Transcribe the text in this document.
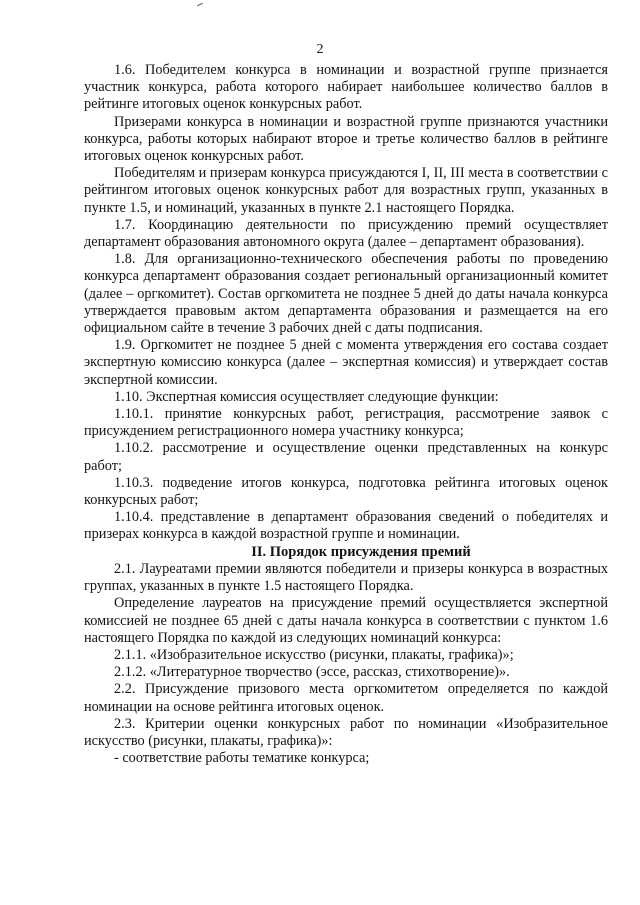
2

1.6. Победителем конкурса в номинации и возрастной группе признается участник конкурса, работа которого набирает наибольшее количество баллов в рейтинге итоговых оценок конкурсных работ.

Призерами конкурса в номинации и возрастной группе признаются участники конкурса, работы которых набирают второе и третье количество баллов в рейтинге итоговых оценок конкурсных работ.

Победителям и призерам конкурса присуждаются I, II, III места в соответствии с рейтингом итоговых оценок конкурсных работ для возрастных групп, указанных в пункте 1.5, и номинаций, указанных в пункте 2.1 настоящего Порядка.

1.7. Координацию деятельности по присуждению премий осуществляет департамент образования автономного округа (далее – департамент образования).

1.8. Для организационно-технического обеспечения работы по проведению конкурса департамент образования создает региональный организационный комитет (далее – оргкомитет). Состав оргкомитета не позднее 5 дней до даты начала конкурса утверждается правовым актом департамента образования и размещается на его официальном сайте в течение 3 рабочих дней с даты подписания.

1.9. Оргкомитет не позднее 5 дней с момента утверждения его состава создает экспертную комиссию конкурса (далее – экспертная комиссия) и утверждает состав экспертной комиссии.

1.10. Экспертная комиссия осуществляет следующие функции:

1.10.1. принятие конкурсных работ, регистрация, рассмотрение заявок с присуждением регистрационного номера участнику конкурса;

1.10.2. рассмотрение и осуществление оценки представленных на конкурс работ;

1.10.3. подведение итогов конкурса, подготовка рейтинга итоговых оценок конкурсных работ;

1.10.4. представление в департамент образования сведений о победителях и призерах конкурса в каждой возрастной группе и номинации.

II. Порядок присуждения премий

2.1. Лауреатами премии являются победители и призеры конкурса в возрастных группах, указанных в пункте 1.5 настоящего Порядка.

Определение лауреатов на присуждение премий осуществляется экспертной комиссией не позднее 65 дней с даты начала конкурса в соответствии с пунктом 1.6 настоящего Порядка по каждой из следующих номинаций конкурса:

2.1.1. «Изобразительное искусство (рисунки, плакаты, графика)»;

2.1.2. «Литературное творчество (эссе, рассказ, стихотворение)».

2.2. Присуждение призового места оргкомитетом определяется по каждой номинации на основе рейтинга итоговых оценок.

2.3. Критерии оценки конкурсных работ по номинации «Изобразительное искусство (рисунки, плакаты, графика)»:

- соответствие работы тематике конкурса;
